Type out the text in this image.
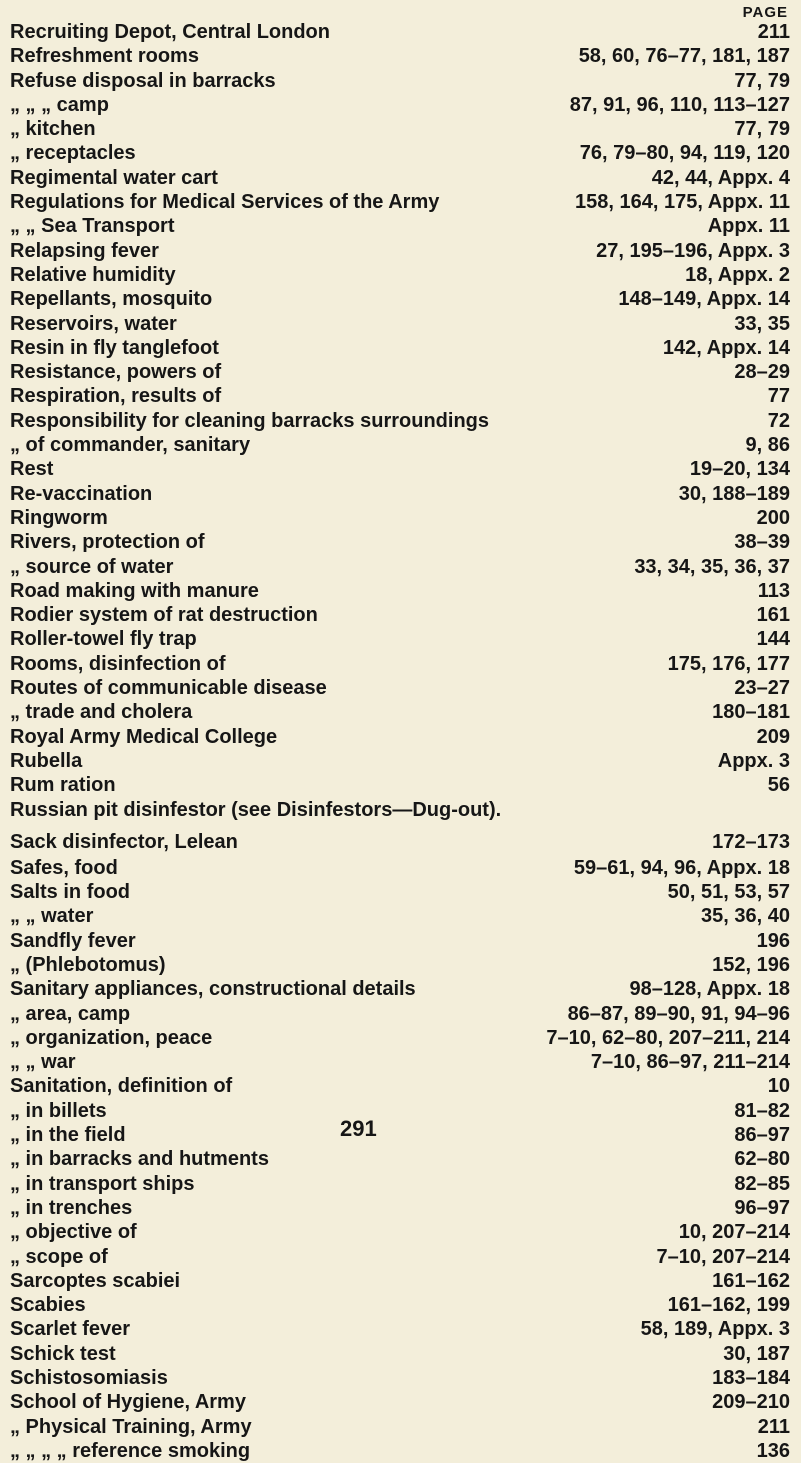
PAGE
Recruiting Depot, Central London	211
Refreshment rooms	58, 60, 76–77, 181, 187
Refuse disposal in barracks	77, 79
„ „ „ camp	87, 91, 96, 110, 113–127
„ kitchen	77, 79
„ receptacles	76, 79–80, 94, 119, 120
Regimental water cart	42, 44, Appx. 4
Regulations for Medical Services of the Army	158, 164, 175, Appx. 11
„ „ Sea Transport	Appx. 11
Relapsing fever	27, 195–196, Appx. 3
Relative humidity	18, Appx. 2
Repellants, mosquito	148–149, Appx. 14
Reservoirs, water	33, 35
Resin in fly tanglefoot	142, Appx. 14
Resistance, powers of	28–29
Respiration, results of	77
Responsibility for cleaning barracks surroundings	72
„ of commander, sanitary	9, 86
Rest	19–20, 134
Re-vaccination	30, 188–189
Ringworm	200
Rivers, protection of	38–39
„ source of water	33, 34, 35, 36, 37
Road making with manure	113
Rodier system of rat destruction	161
Roller-towel fly trap	144
Rooms, disinfection of	175, 176, 177
Routes of communicable disease	23–27
„ trade and cholera	180–181
Royal Army Medical College	209
Rubella	Appx. 3
Rum ration	56
Russian pit disinfestor (see Disinfestors—Dug-out).
Sack disinfector, Lelean	172–173
Safes, food	59–61, 94, 96, Appx. 18
Salts in food	50, 51, 53, 57
„ „ water	35, 36, 40
Sandfly fever	196
„ (Phlebotomus)	152, 196
Sanitary appliances, constructional details	98–128, Appx. 18
„ area, camp	86–87, 89–90, 91, 94–96
„ organization, peace	7–10, 62–80, 207–211, 214
„ „ war	7–10, 86–97, 211–214
Sanitation, definition of	10
„ in billets	81–82
„ in the field	86–97
„ in barracks and hutments	62–80
„ in transport ships	82–85
„ in trenches	96–97
„ objective of	10, 207–214
„ scope of	7–10, 207–214
Sarcoptes scabiei	161–162
Scabies	161–162, 199
Scarlet fever	58, 189, Appx. 3
Schick test	30, 187
Schistosomiasis	183–184
School of Hygiene, Army	209–210
„ Physical Training, Army	211
„ „ „ „ reference smoking	136
291
